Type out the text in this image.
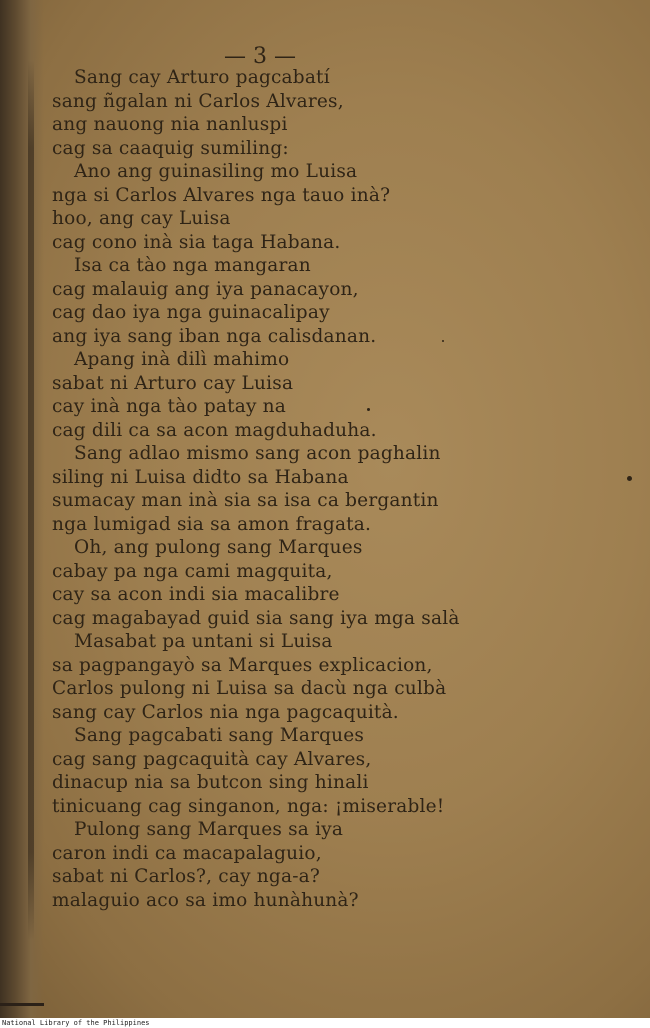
— 3 —
Sang cay Arturo pagcabatí
sang ñgalan ni Carlos Alvares,
ang nauong nia nanluspi
cag sa caaquig sumiling:
Ano ang guinasiling mo Luisa
nga si Carlos Alvares nga tauo inà?
hoo, ang cay Luisa
cag cono inà sia taga Habana.
Isa ca tào nga mangaran
cag malauig ang iya panacayon,
cag dao iya nga guinacalipay
ang iya sang iban nga calisdanan.
Apang inà dilì mahimo
sabat ni Arturo cay Luisa
cay inà nga tào patay na
cag dili ca sa acon magduhaduha.
Sang adlao mismo sang acon paghalin
siling ni Luisa didto sa Habana
sumacay man inà sia sa isa ca bergantin
nga lumigad sia sa amon fragata.
Oh, ang pulong sang Marques
cabay pa nga cami magquita,
cay sa acon indi sia macalibre
cag magabayad guid sia sang iya mga salà
Masabat pa untani si Luisa
sa pagpangayò sa Marques explicacion,
Carlos pulong ni Luisa sa dacù nga culbà
sang cay Carlos nia nga pagcaquità.
Sang pagcabati sang Marques
cag sang pagcaquità cay Alvares,
dinacup nia sa butcon sing hinali
tinicuang cag singanon, nga: ¡miserable!
Pulong sang Marques sa iya
caron indi ca macapalaguio,
sabat ni Carlos?, cay nga-a?
malaguio aco sa imo hunàhunà?
National Library of the Philippines
